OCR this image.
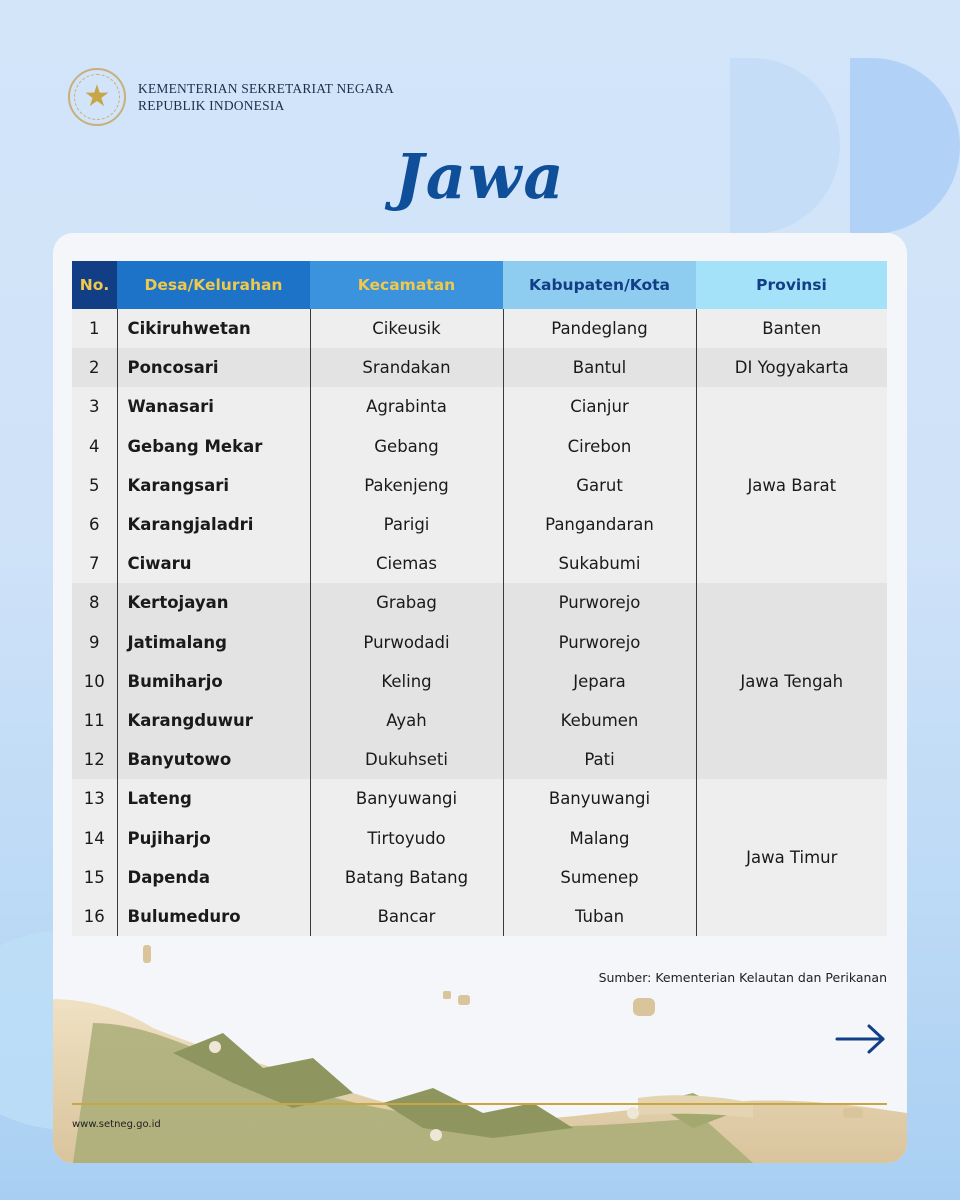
★	KEMENTERIAN SEKRETARIAT NEGARA
REPUBLIK INDONESIA
Jawa
No.	Desa/Kelurahan	Kecamatan	Kabupaten/Kota	Provinsi
1	Cikiruhwetan	Cikeusik	Pandeglang	Banten
2	Poncosari	Srandakan	Bantul	DI Yogyakarta
3	Wanasari	Agrabinta	Cianjur	Jawa Barat
4	Gebang Mekar	Gebang	Cirebon	
5	Karangsari	Pakenjeng	Garut	
6	Karangjaladri	Parigi	Pangandaran	
7	Ciwaru	Ciemas	Sukabumi	
8	Kertojayan	Grabag	Purworejo	Jawa Tengah
9	Jatimalang	Purwodadi	Purworejo	
10	Bumiharjo	Keling	Jepara	
11	Karangduwur	Ayah	Kebumen	
12	Banyutowo	Dukuhseti	Pati	
13	Lateng	Banyuwangi	Banyuwangi	Jawa Timur
14	Pujiharjo	Tirtoyudo	Malang	
15	Dapenda	Batang Batang	Sumenep	
16	Bulumeduro	Bancar	Tuban	
Sumber: Kementerian Kelautan dan Perikanan
www.setneg.go.id
